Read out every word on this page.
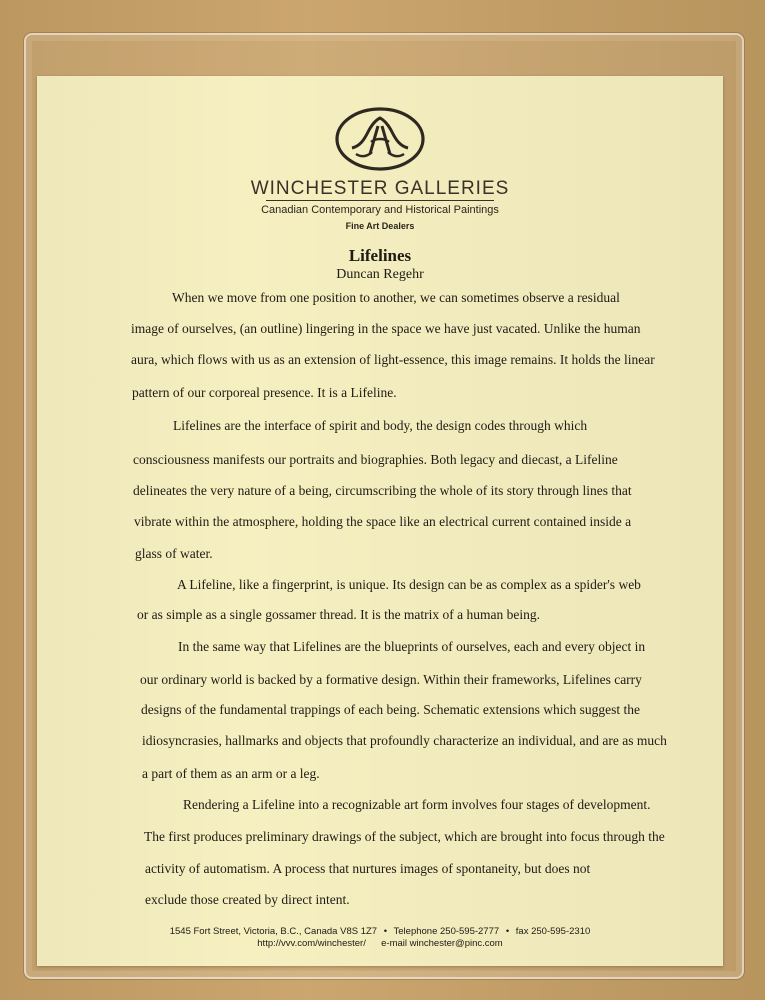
WINCHESTER GALLERIES
Canadian Contemporary and Historical Paintings
Fine Art Dealers
Lifelines
Duncan Regehr
When we move from one position to another, we can sometimes observe a residual
image of ourselves, (an outline) lingering in the space we have just vacated. Unlike the human
aura, which flows with us as an extension of light-essence, this image remains. It holds the linear
pattern of our corporeal presence. It is a Lifeline.
Lifelines are the interface of spirit and body, the design codes through which
consciousness manifests our portraits and biographies. Both legacy and diecast, a Lifeline
delineates the very nature of a being, circumscribing the whole of its story through lines that
vibrate within the atmosphere, holding the space like an electrical current contained inside a
glass of water.
A Lifeline, like a fingerprint, is unique. Its design can be as complex as a spider's web
or as simple as a single gossamer thread. It is the matrix of a human being.
In the same way that Lifelines are the blueprints of ourselves, each and every object in
our ordinary world is backed by a formative design. Within their frameworks, Lifelines carry
designs of the fundamental trappings of each being. Schematic extensions which suggest the
idiosyncrasies, hallmarks and objects that profoundly characterize an individual, and are as much
a part of them as an arm or a leg.
Rendering a Lifeline into a recognizable art form involves four stages of development.
The first produces preliminary drawings of the subject, which are brought into focus through the
activity of automatism. A process that nurtures images of spontaneity, but does not
exclude those created by direct intent.
1545 Fort Street, Victoria, B.C., Canada V8S 1Z7 • Telephone 250-595-2777 • fax 250-595-2310
http://vvv.com/winchester/ e-mail winchester@pinc.com
